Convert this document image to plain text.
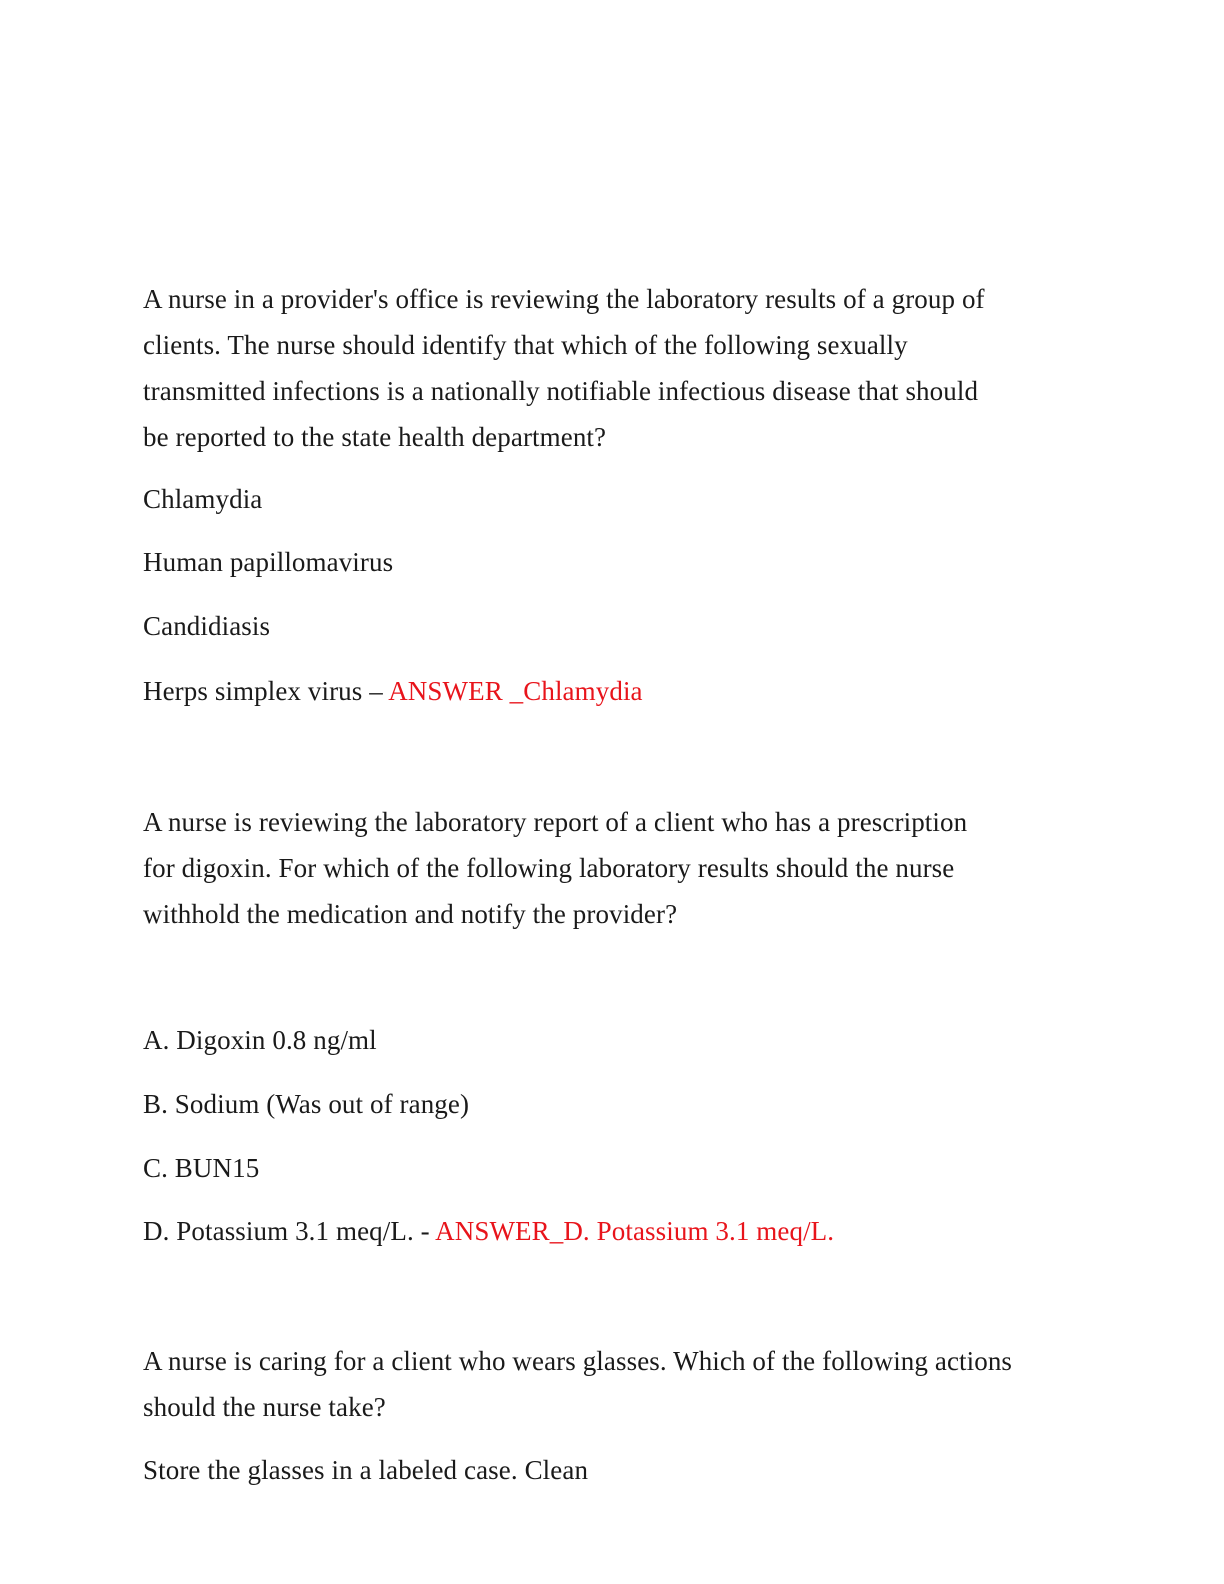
A nurse in a provider's office is reviewing the laboratory results of a group of
clients. The nurse should identify that which of the following sexually
transmitted infections is a nationally notifiable infectious disease that should
be reported to the state health department?
Chlamydia
Human papillomavirus
Candidiasis
Herps simplex virus – ANSWER _Chlamydia
A nurse is reviewing the laboratory report of a client who has a prescription
for digoxin. For which of the following laboratory results should the nurse
withhold the medication and notify the provider?
A. Digoxin 0.8 ng/ml
B. Sodium (Was out of range)
C. BUN15
D. Potassium 3.1 meq/L. - ANSWER_D. Potassium 3.1 meq/L.
A nurse is caring for a client who wears glasses. Which of the following actions
should the nurse take?
Store the glasses in a labeled case. Clean
